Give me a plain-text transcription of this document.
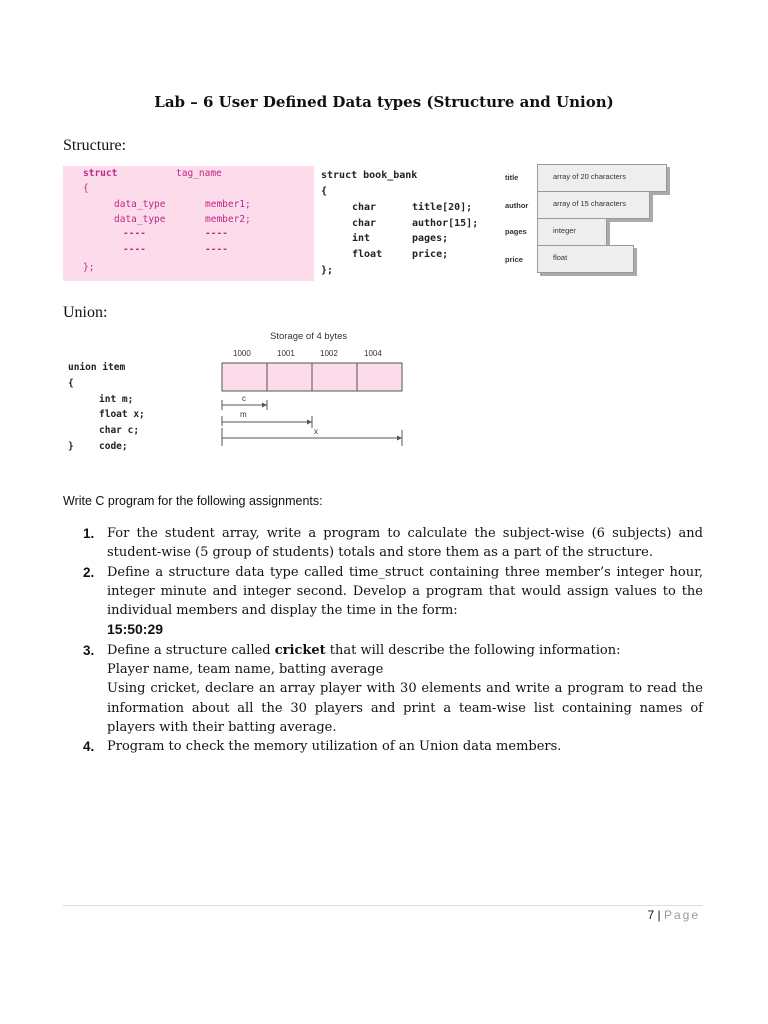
Lab – 6 User Defined Data types (Structure and Union)
Structure:
struct	tag_name
{
data_type	member1;
data_type	member2;
----	----
----	----
};
struct book_bank
{
char	title[20];
char	author[15];
int	pages;
float	price;
};
title	array of 20 characters
author	array of 15 characters
pages	integer
price	float
Union:
union item
{
int m;
float x;
char c;
}	code;
Storage of 4 bytes
1000	1001	1002	1004
c
m
x
Write C program for the following assignments:
1. For the student array, write a program to calculate the subject-wise (6 subjects) and student-wise (5 group of students) totals and store them as a part of the structure.
2. Define a structure data type called time_struct containing three member’s integer hour, integer minute and integer second. Develop a program that would assign values to the individual members and display the time in the form:
15:50:29
3. Define a structure called cricket that will describe the following information:
Player name, team name, batting average
Using cricket, declare an array player with 30 elements and write a program to read the information about all the 30 players and print a team-wise list containing names of players with their batting average.
4. Program to check the memory utilization of an Union data members.
7 | Page
